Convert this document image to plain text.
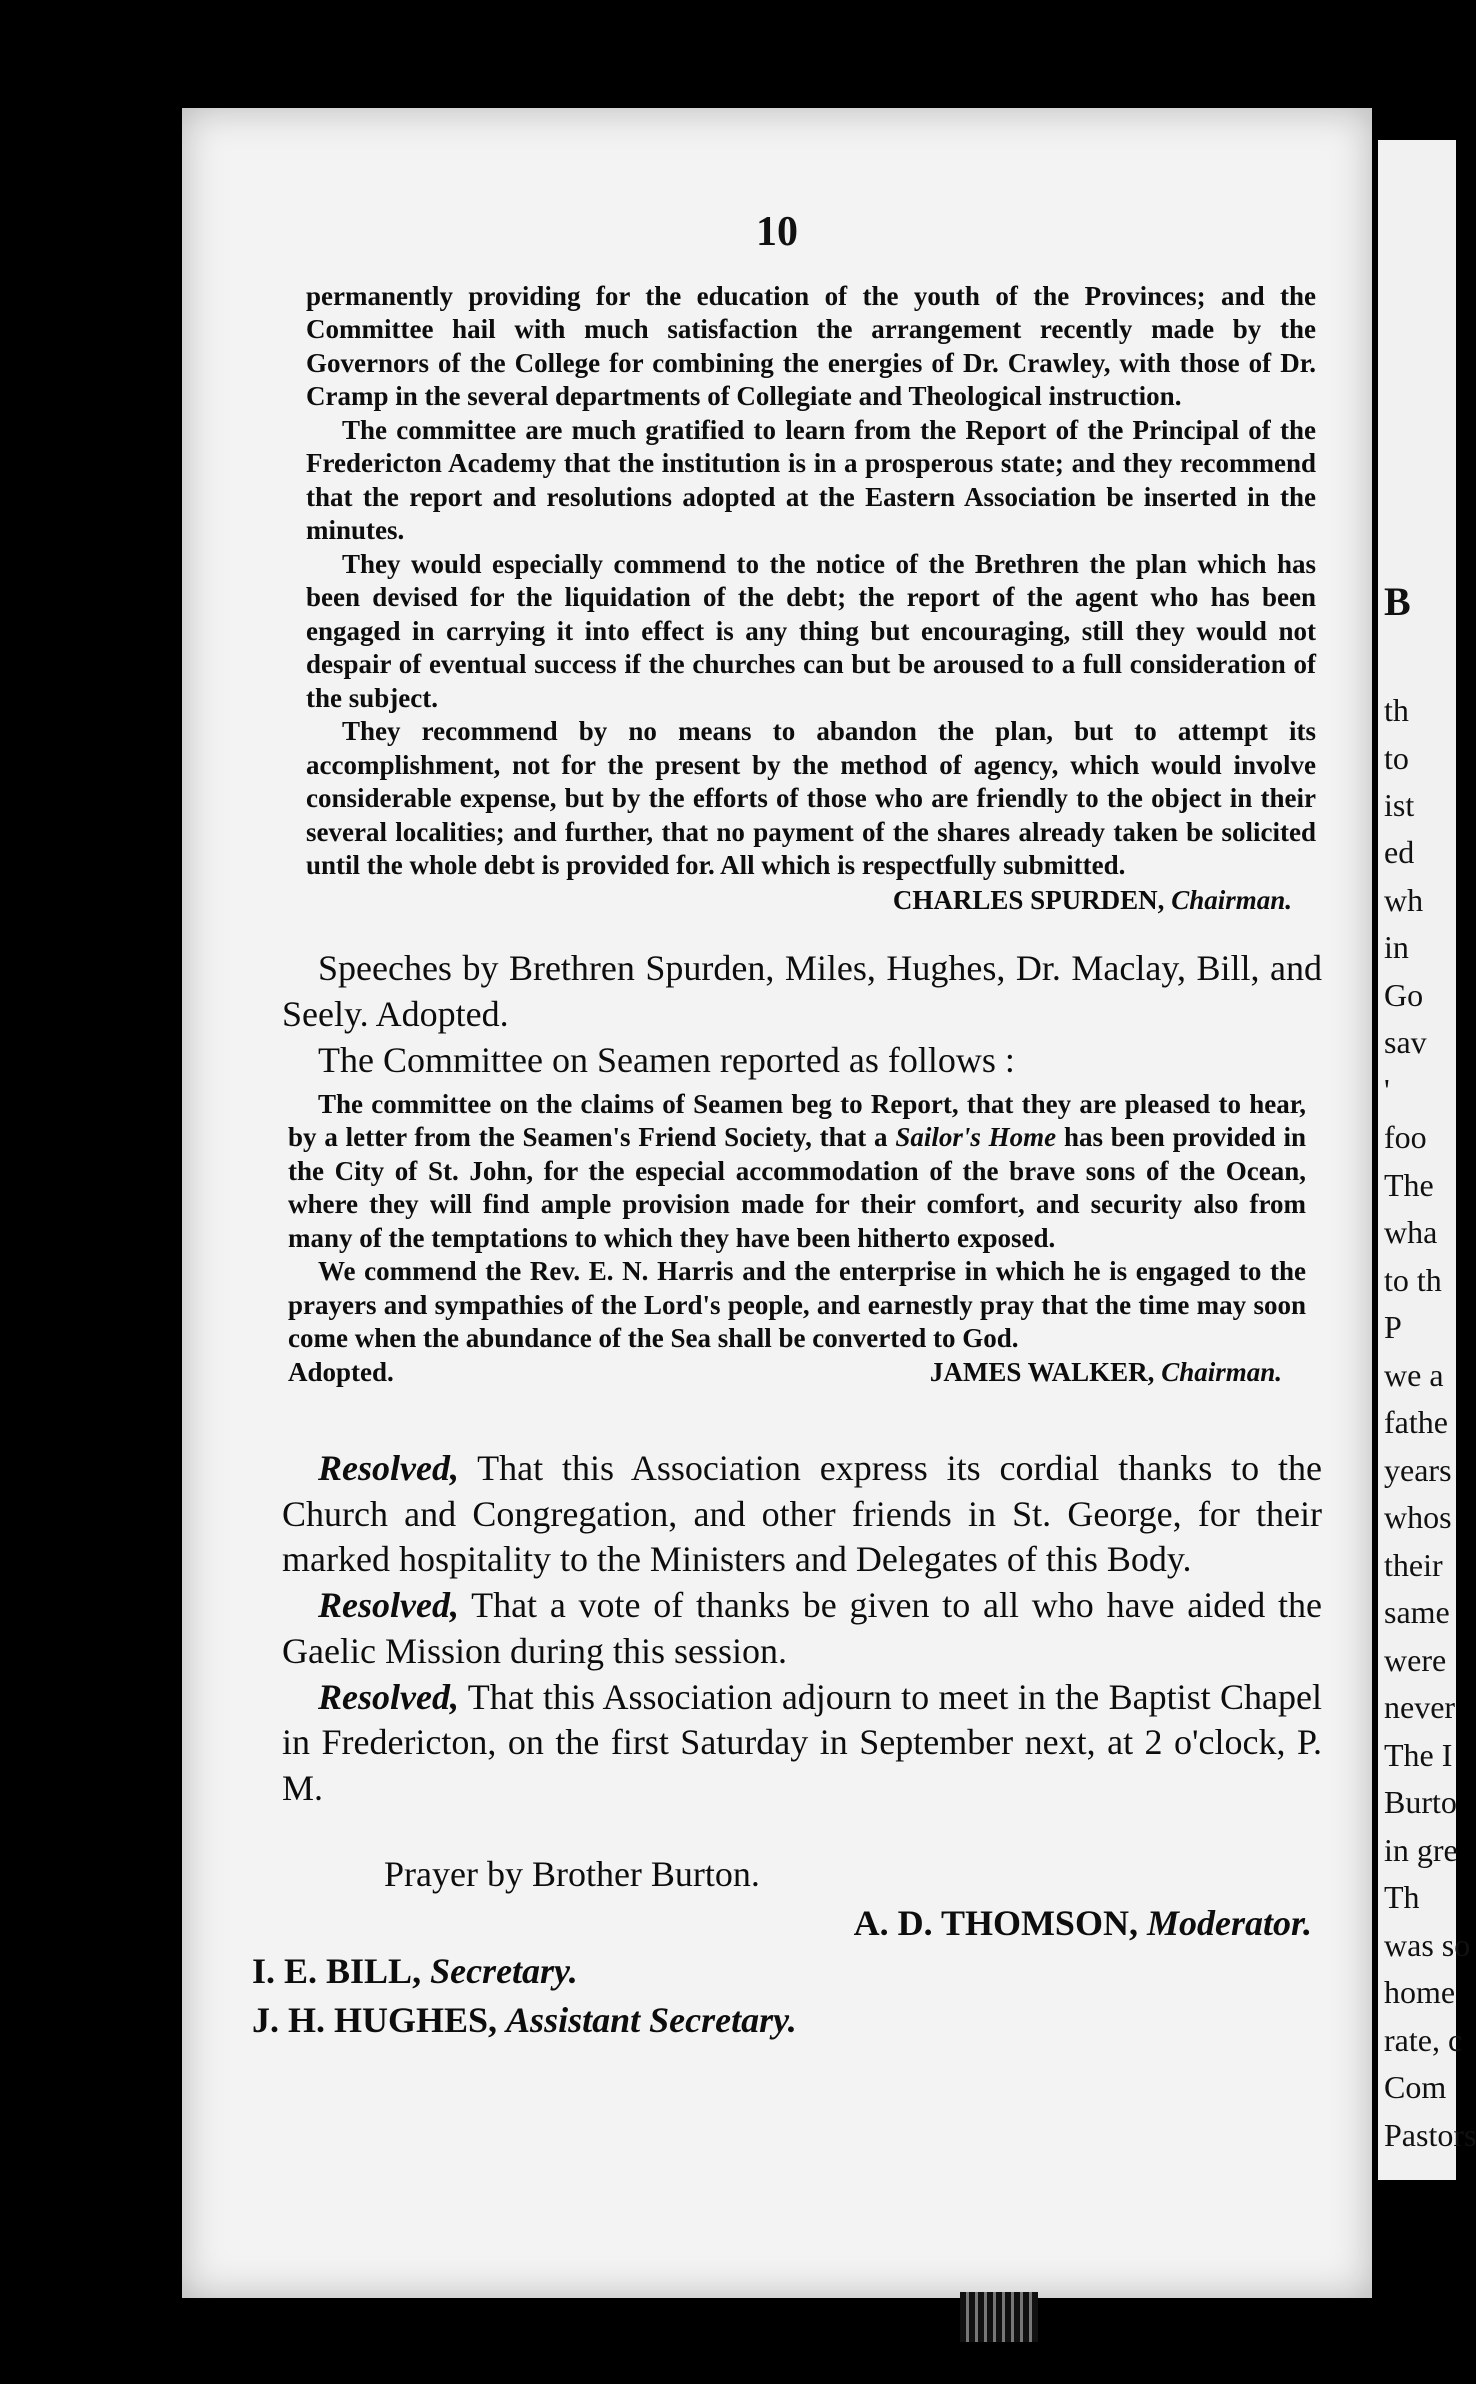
10

permanently providing for the education of the youth of the Provinces; and the Committee hail with much satisfaction the arrangement recently made by the Governors of the College for combining the energies of Dr. Crawley, with those of Dr. Cramp in the several departments of Collegiate and Theological instruction.

The committee are much gratified to learn from the Report of the Principal of the Fredericton Academy that the institution is in a prosperous state; and they recommend that the report and resolutions adopted at the Eastern Association be inserted in the minutes.

They would especially commend to the notice of the Brethren the plan which has been devised for the liquidation of the debt; the report of the agent who has been engaged in carrying it into effect is any thing but encouraging, still they would not despair of eventual success if the churches can but be aroused to a full consideration of the subject.

They recommend by no means to abandon the plan, but to attempt its accomplishment, not for the present by the method of agency, which would involve considerable expense, but by the efforts of those who are friendly to the object in their several localities; and further, that no payment of the shares already taken be solicited until the whole debt is provided for. All which is respectfully submitted.

CHARLES SPURDEN, Chairman.

Speeches by Brethren Spurden, Miles, Hughes, Dr. Maclay, Bill, and Seely. Adopted.

The Committee on Seamen reported as follows :

The committee on the claims of Seamen beg to Report, that they are pleased to hear, by a letter from the Seamen's Friend Society, that a Sailor's Home has been provided in the City of St. John, for the especial accommodation of the brave sons of the Ocean, where they will find ample provision made for their comfort, and security also from many of the temptations to which they have been hitherto exposed.

We commend the Rev. E. N. Harris and the enterprise in which he is engaged to the prayers and sympathies of the Lord's people, and earnestly pray that the time may soon come when the abundance of the Sea shall be converted to God.

Adopted.	JAMES WALKER, Chairman.

Resolved, That this Association express its cordial thanks to the Church and Congregation, and other friends in St. George, for their marked hospitality to the Ministers and Delegates of this Body.

Resolved, That a vote of thanks be given to all who have aided the Gaelic Mission during this session.

Resolved, That this Association adjourn to meet in the Baptist Chapel in Fredericton, on the first Saturday in September next, at 2 o'clock, P. M.

Prayer by Brother Burton.
A. D. THOMSON, Moderator.
I. E. BILL, Secretary.
J. H. HUGHES, Assistant Secretary.
B
th
to
ist
ed
wh
in
Go
sav
'
foo
The
wha
to th
P
we a
fathe
years
whos
their
same
were
never
The I
Burto
in gre
Th
was so
home
rate, c
Com
Pastors
